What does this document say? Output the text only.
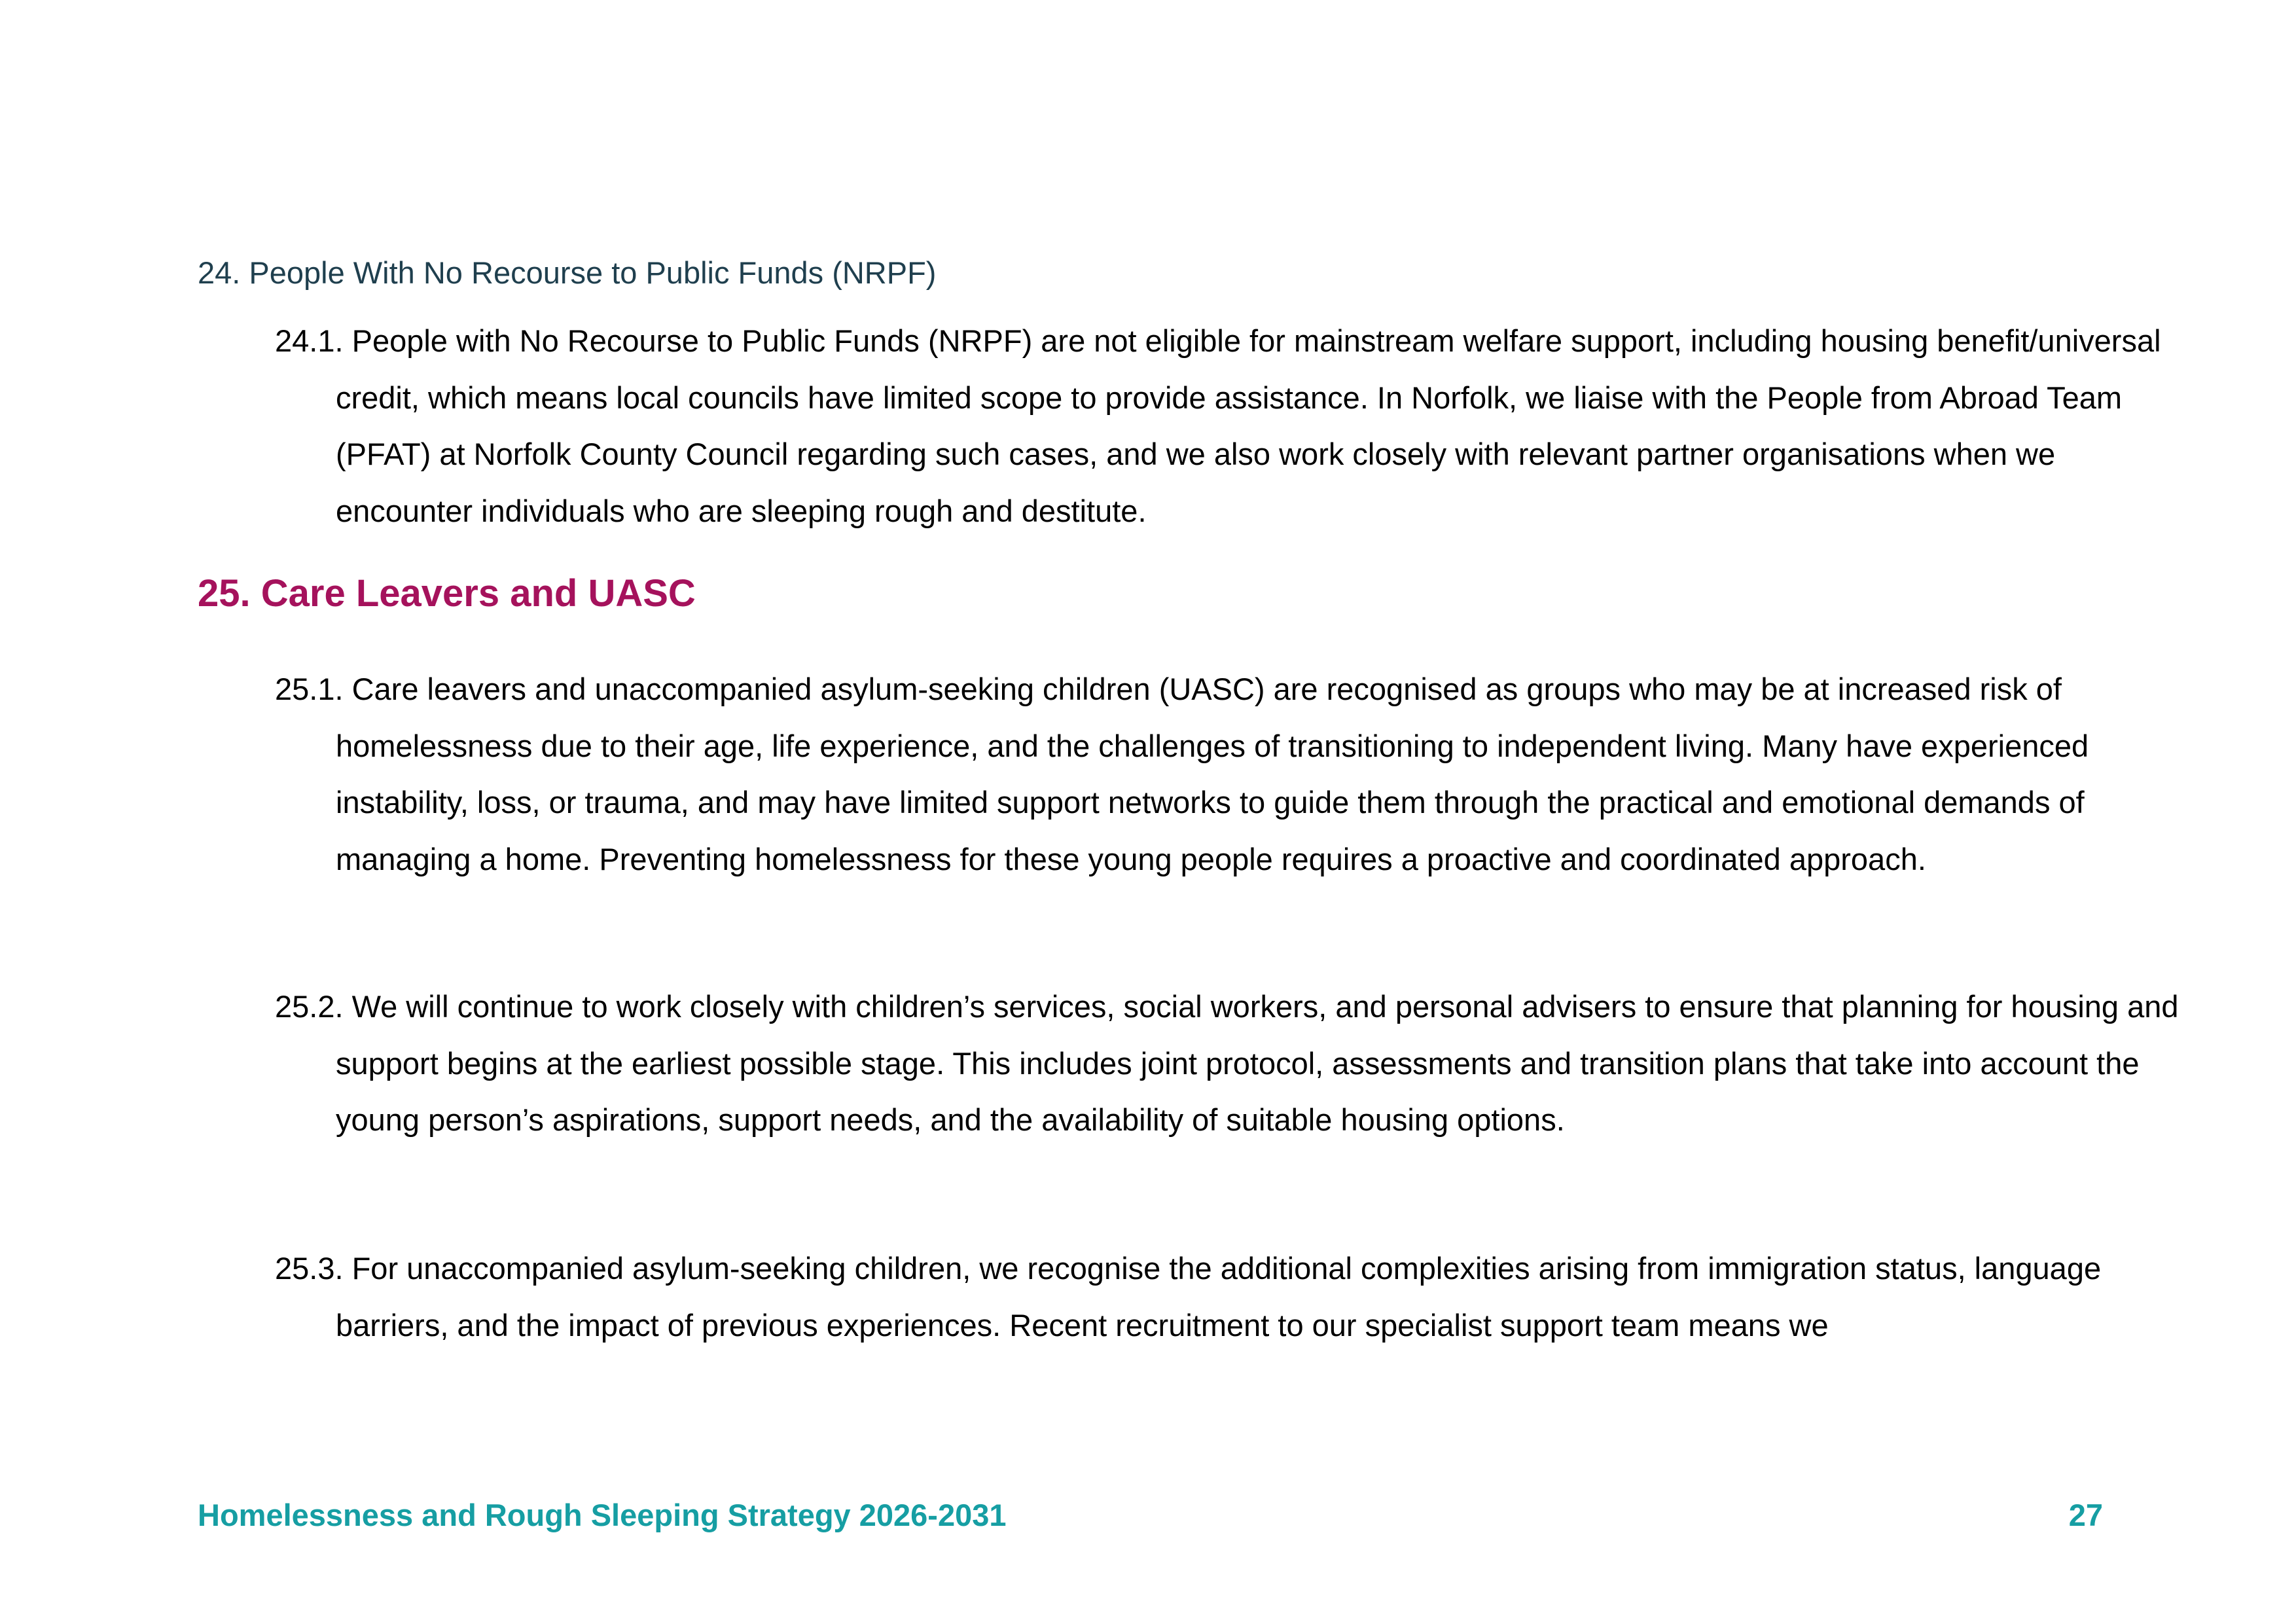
24. People With No Recourse to Public Funds (NRPF)

24.1. People with No Recourse to Public Funds (NRPF) are not eligible for mainstream welfare support, including housing benefit/universal credit, which means local councils have limited scope to provide assistance. In Norfolk, we liaise with the People from Abroad Team (PFAT) at Norfolk County Council regarding such cases, and we also work closely with relevant partner organisations when we encounter individuals who are sleeping rough and destitute.

25. Care Leavers and UASC

25.1. Care leavers and unaccompanied asylum-seeking children (UASC) are recognised as groups who may be at increased risk of homelessness due to their age, life experience, and the challenges of transitioning to independent living. Many have experienced instability, loss, or trauma, and may have limited support networks to guide them through the practical and emotional demands of managing a home. Preventing homelessness for these young people requires a proactive and coordinated approach.

25.2. We will continue to work closely with children’s services, social workers, and personal advisers to ensure that planning for housing and support begins at the earliest possible stage. This includes joint protocol, assessments and transition plans that take into account the young person’s aspirations, support needs, and the availability of suitable housing options.

25.3. For unaccompanied asylum-seeking children, we recognise the additional complexities arising from immigration status, language barriers, and the impact of previous experiences. Recent recruitment to our specialist support team means we

Homelessness and Rough Sleeping Strategy 2026-2031	27
